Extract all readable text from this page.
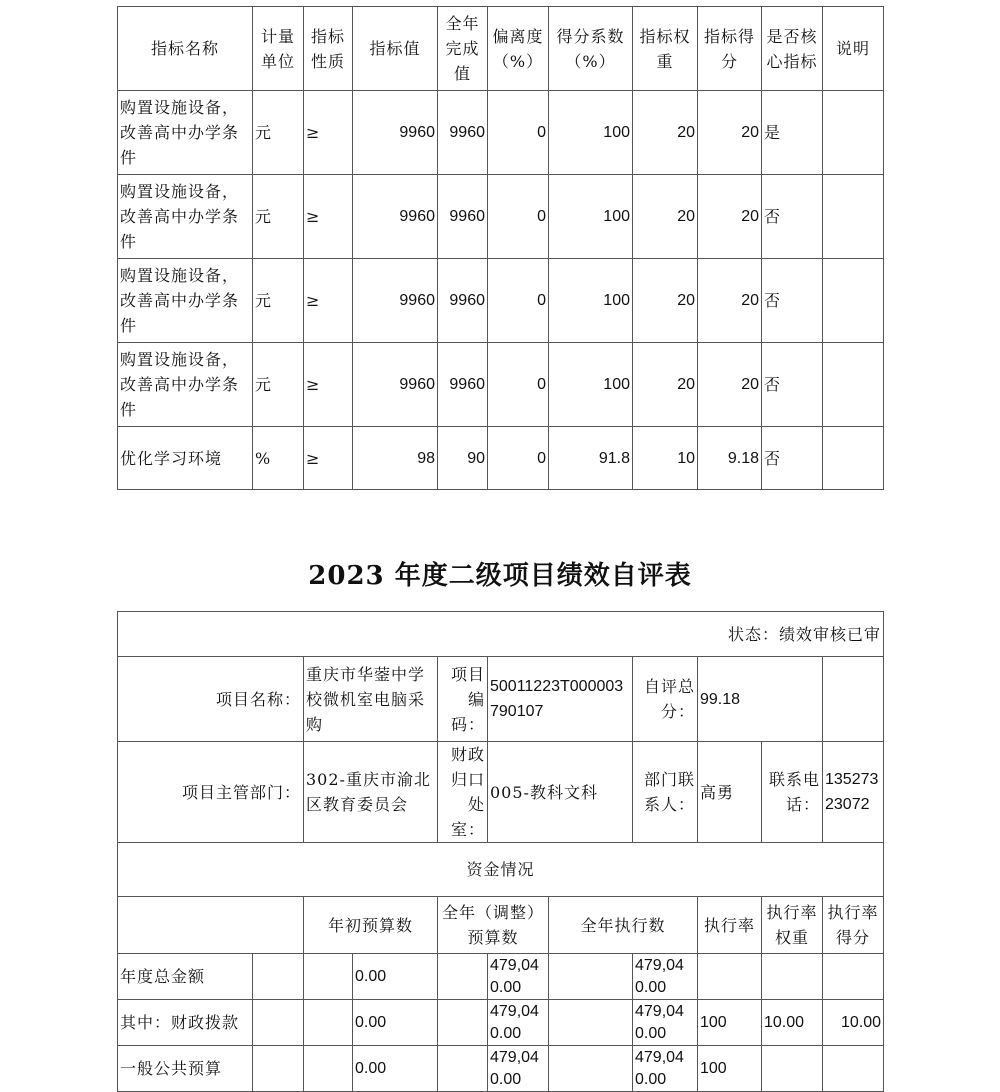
指标名称	计量单位	指标性质	指标值	全年完成值	偏离度（%）	得分系数（%）	指标权重	指标得分	是否核心指标	说明
购置设施设备，改善高中办学条件	元	≥	9960	9960	0	100	20	20	是	
购置设施设备，改善高中办学条件	元	≥	9960	9960	0	100	20	20	否	
购置设施设备，改善高中办学条件	元	≥	9960	9960	0	100	20	20	否	
购置设施设备，改善高中办学条件	元	≥	9960	9960	0	100	20	20	否	
优化学习环境	%	≥	98	90	0	91.8	10	9.18	否	
2023 年度二级项目绩效自评表
状态：绩效审核已审										
项目名称：		重庆市华蓥中学校微机室电脑采购		项目编码：	50011223T000003790107		自评总分：	99.18		
项目主管部门：		302-重庆市渝北区教育委员会		财政归口处室：	005-教科文科		部门联系人：	高勇	联系电话：	13527323072
资金情况										
		年初预算数		全年（调整）预算数		全年执行数		执行率	执行率权重	执行率得分
年度总金额			0.00		479,040.00		479,040.00			
其中：财政拨款			0.00		479,040.00		479,040.00	100	10.00	10.00
一般公共预算			0.00		479,040.00		479,040.00	100		
